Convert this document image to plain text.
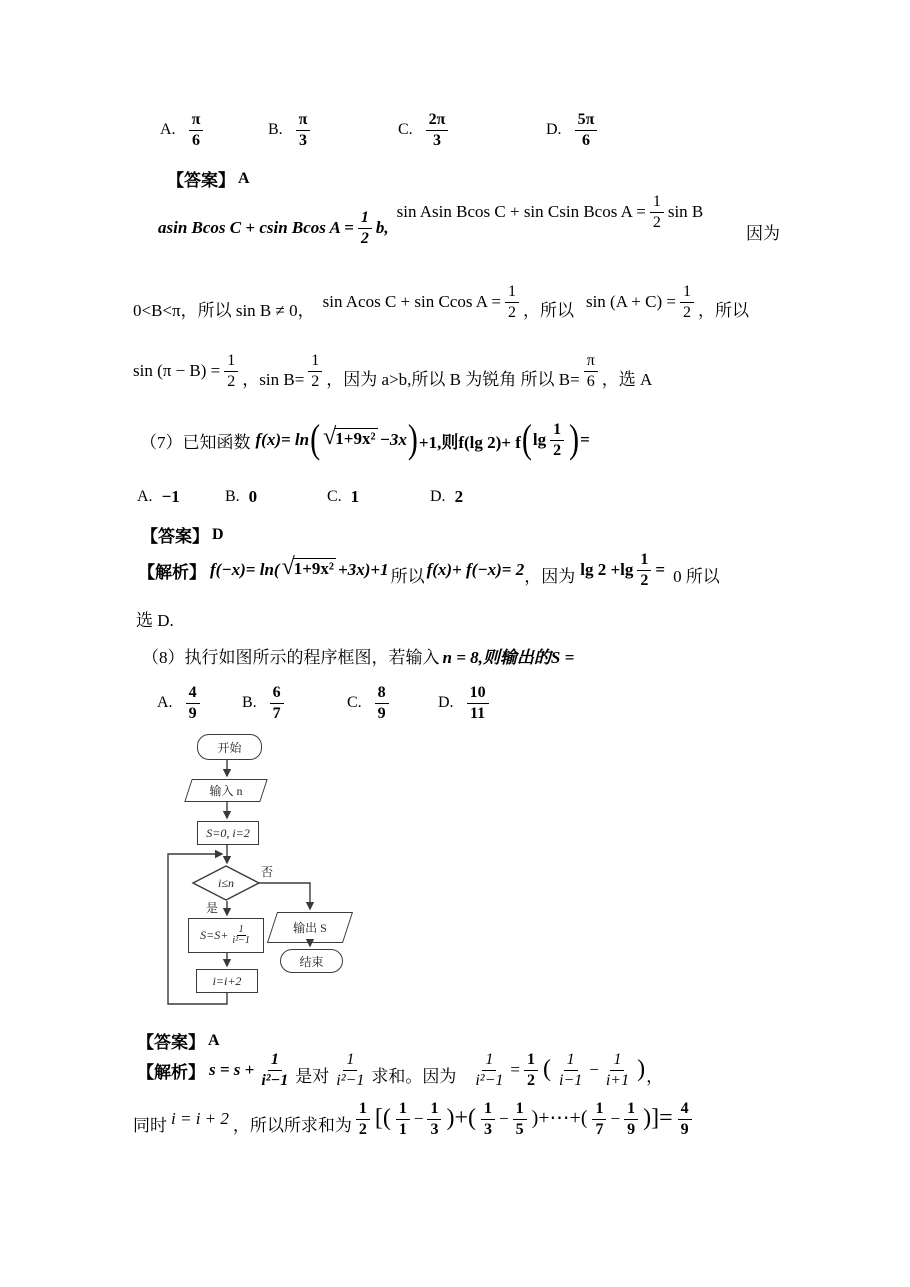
A. $\frac{\pi}{6}$	B. $\frac{\pi}{3}$	C. $\frac{2\pi}{3}$	D. $\frac{5\pi}{6}$
【答案】 A
asin Bcos C + csin Bcos $A = \frac{1}{2} b$,
sin Asin Bcos C + sin Csin Bcos $A = \frac{1}{2}$ sin B
因为
0<B<π，所以 sin B ≠ 0， sin Acos C + sin Ccos $A = \frac{1}{2}$ ，所以 $\sin (A + C) = \frac{1}{2}$ ，所以
$\sin (\pi - B) = \frac{1}{2}$ ，$\sin B= \frac{1}{2}$ ，因为 a>b,所以 B 为锐角 所以 $B= \frac{\pi}{6}$ ，选 A
（7）已知函数 f(x)= ln ( √ 1+9x² −3x ) +1,则f(lg 2)+ f ( $\lg \frac{1}{2}$ ) =
A. −1	B. 0	C. 1	D. 2
【答案】 D
【解析】 f(−x)= ln( √ 1+9x² +3x)+1 所以 f(x)+ f(−x)= 2 ，因为 $\lg 2 +\lg \frac{1}{2} = 0$ 所以
选 D.
（8）执行如图所示的程序框图，若输入 n = 8,则输出的S =
A. $\frac{4}{9}$	B. $\frac{6}{7}$	C. $\frac{8}{9}$	D. $\frac{10}{11}$
开始
输入 n
S=0, i=2
i≤n
否
是
$S=S+ \frac{1}{\text{i²−1}}$
i=i+2
输出 S
结束
【答案】 A
【解析】 $s = s + \frac{1}{\text{i²−1}}$ 是对 $\frac{1}{\text{i²−1}}$ 求和。因为 $\frac{1}{\text{i²−1}} = \frac{1}{2}$ ( $\frac{1}{i-1} - \frac{1}{i+1}$ ) ，
同时 i = i + 2 ，所以所求和为 $\frac{1}{2}$ [( $\frac{1}{1} - \frac{1}{3}$ )+( $\frac{1}{3} - \frac{1}{5}$ )+⋯+( $\frac{1}{7} - \frac{1}{9}$ )]= $\frac{4}{9}$
